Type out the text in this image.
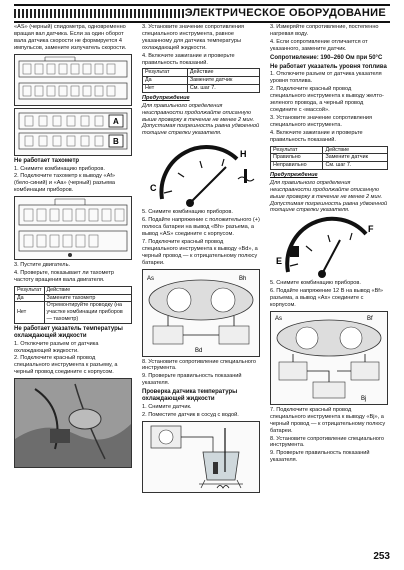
ЭЛЕКТРИЧЕСКОЕ ОБОРУДОВАНИЕ

«AS» (черный) спидометра, одновременно вращая вал датчика. Если за один оборот вала датчика скорости не формируется 4 импульсов, замените излучатель скорости.

A
B

Не работает тахометр

1. Снимите комбинацию приборов.

2. Подключите тахометр к выводу «Af» (бело-синий) и «Aa» (черный) разъема комбинации приборов.

3. Пустите двигатель.

4. Проверьте, показывает ли тахометр частоту вращения вала двигателя.

Результат	Действие
Да	Замените тахометр
Нет	Отремонтируйте проводку (на участке комбинации приборов — тахометр)

Не работает указатель температуры охлаждающей жидкости

1. Отключите разъем от датчика охлаждающей жидкости.

2. Подключите красный провод специального инструмента к разъему, а черный провод соедините с корпусом.

3. Установите значение сопротивления специального инструмента, равное указанному для датчика температуры охлаждающей жидкости.

4. Включите зажигание и проверьте правильность показаний.

Результат	Действие
Да	Замените датчик
Нет	См. шаг 7.

Предупреждение

Для правильного определения неисправности продолжайте описанную выше проверку в течение не менее 2 мин. Допустимая погрешность равна удвоенной толщине стрелки указателя.

C
H

5. Снимите комбинацию приборов.

6. Подайте напряжение с положительного (+) полюса батареи на вывод «Bh» разъема, а вывод «AS» соедините с корпусом.

7. Подключите красный провод специального инструмента к выводу «Bd», а черный провод — к отрицательному полюсу батареи.

As	Bh
Bd

8. Установите сопротивление специального инструмента.

9. Проверьте правильность показаний указателя.

Проверка датчика температуры охлаждающей жидкости

1. Снимите датчик.

2. Поместите датчик в сосуд с водой.

3. Измеряйте сопротивление, постепенно нагревая воду.

4. Если сопротивление отличается от указанного, замените датчик.

Сопротивление: 190–260 Ом при 50°С

Не работает указатель уровня топлива

1. Отключите разъем от датчика указателя уровня топлива.

2. Подключите красный провод специального инструмента к выводу желто-зеленого провода, а черный провод соедините с «массой».

3. Установите значение сопротивления специального инструмента.

4. Включите зажигание и проверьте правильность показаний.

Результат	Действие
Правильно	Замените датчик
Неправильно	См. шаг 7.

Предупреждение

Для правильного определения неисправности продолжайте описанную выше проверку в течение не менее 2 мин. Допустимая погрешность равна удвоенной толщине стрелки указателя.

E
F

5. Снимите комбинацию приборов.

6. Подайте напряжение 12 В на вывод «Bf» разъема, а вывод «As» соедините с корпусом.

As	Bf
Bj

7. Подключите красный провод специального инструмента к выводу «Bj», а черный провод — к отрицательному полюсу батареи.

8. Установите сопротивление специального инструмента.

9. Проверьте правильность показаний указателя.

253
